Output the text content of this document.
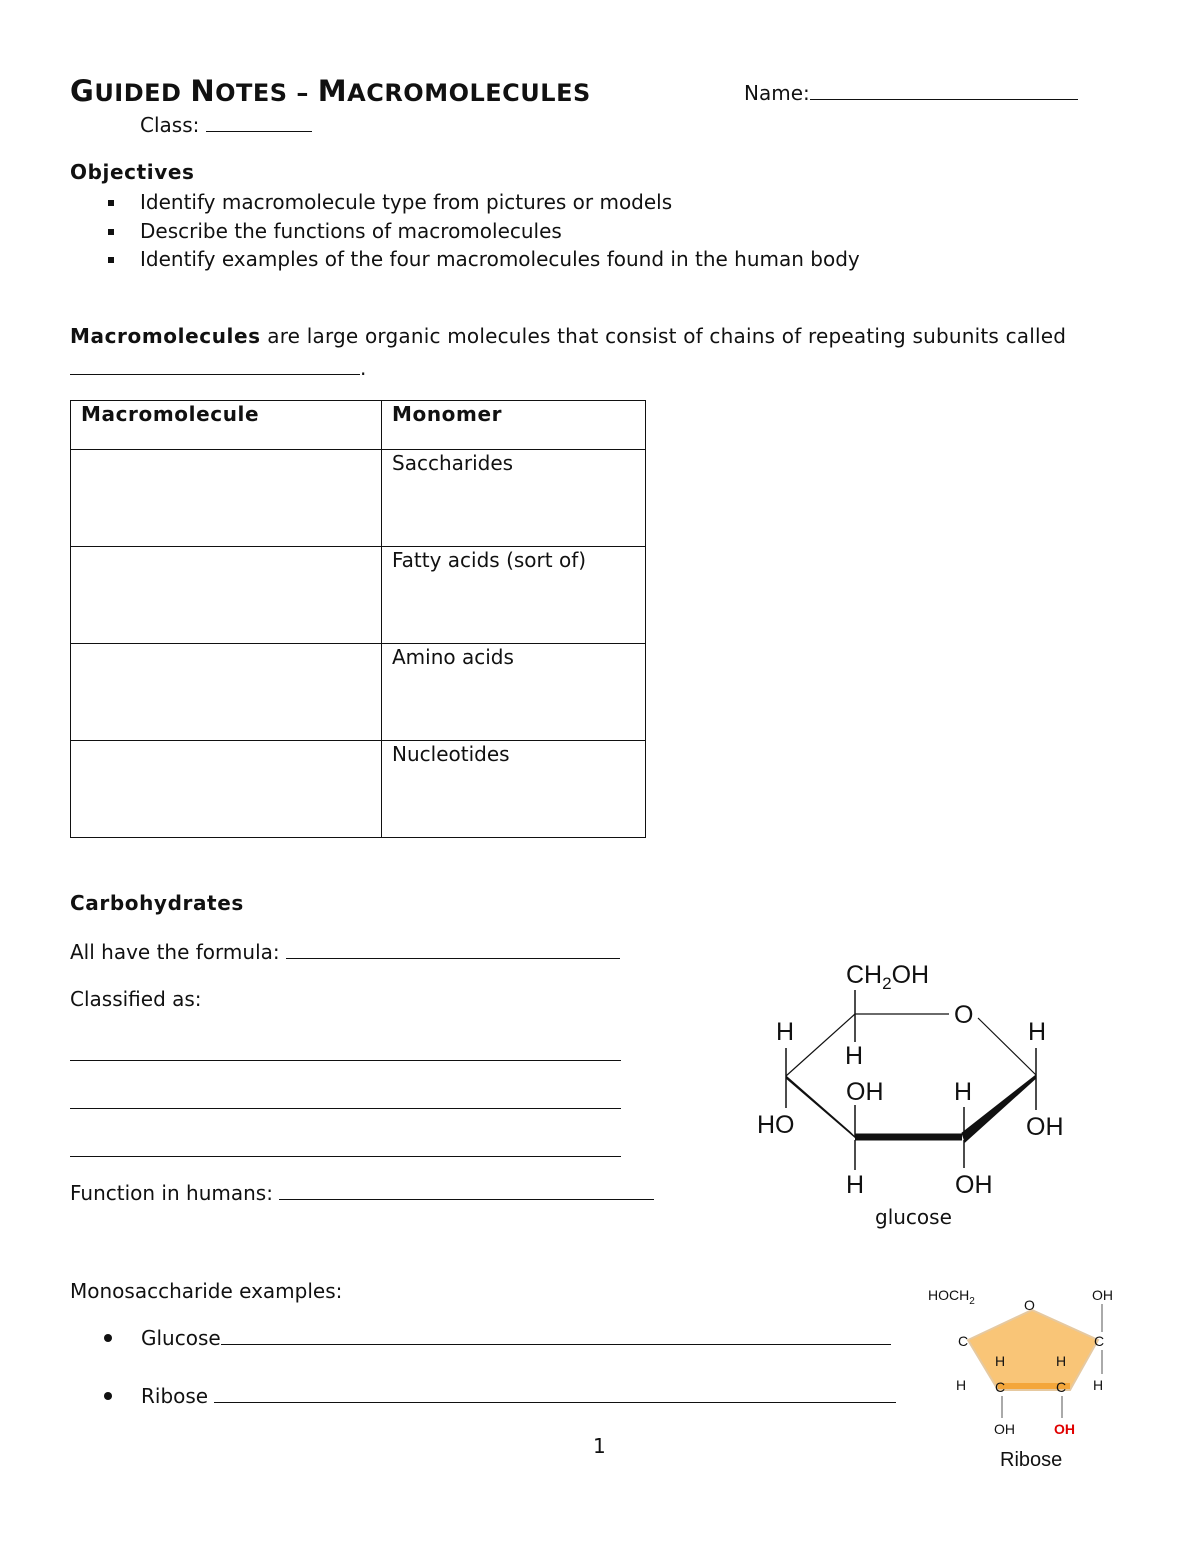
GUIDED NOTES – MACROMOLECULES	Name:
Class:
Objectives
Identify macromolecule type from pictures or models
Describe the functions of macromolecules
Identify examples of the four macromolecules found in the human body
Macromolecules are large organic molecules that consist of chains of repeating subunits called
.
Macromolecule	Monomer
	Saccharides
	Fatty acids (sort of)
	Amino acids
	Nucleotides
Carbohydrates
All have the formula:
Classified as:
Function in humans:
Monosaccharide examples:
Glucose
Ribose
$CH_2OH$
O
H	H
H
OH	H
HO	OH
H	OH
glucose
$HOCH_2$	O
OH
C	C
H	H
H	H
C	C
OH	OH
Ribose
1
